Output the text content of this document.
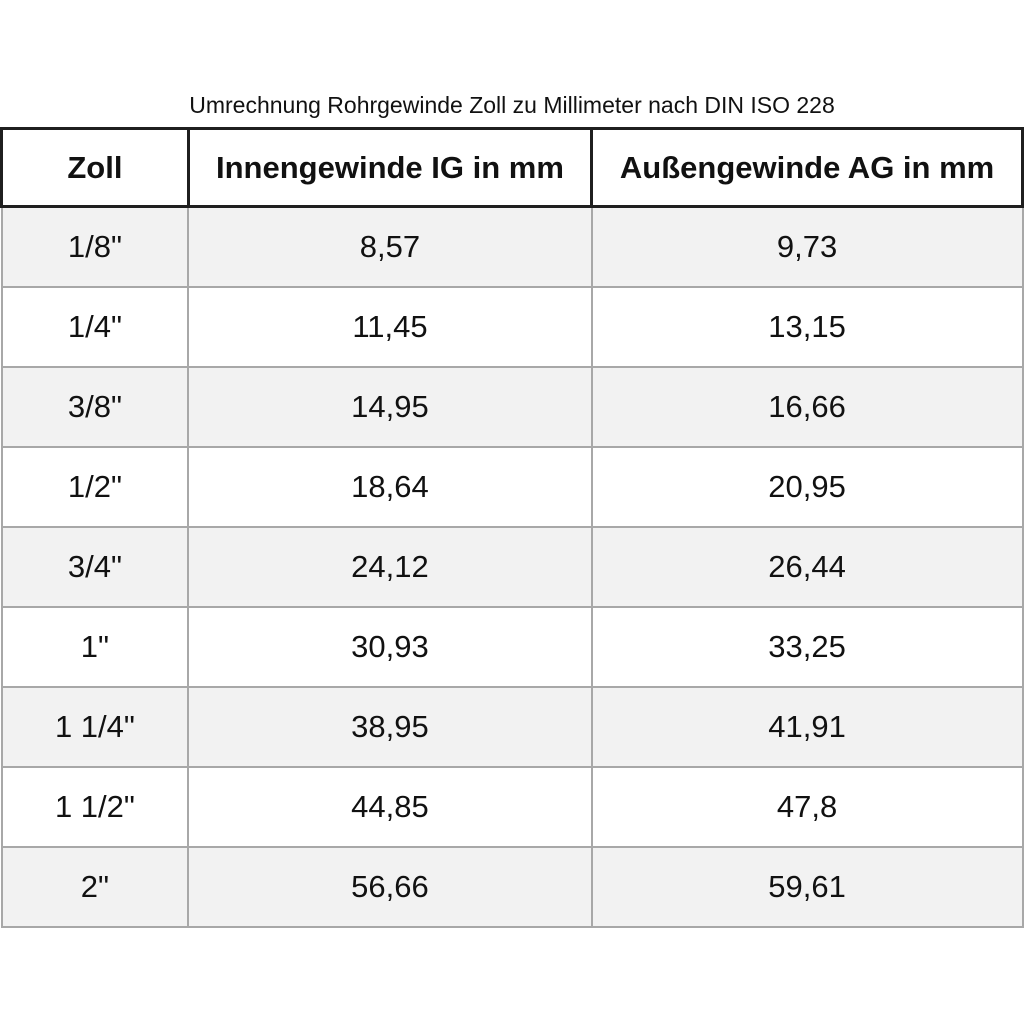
Umrechnung Rohrgewinde Zoll zu Millimeter nach DIN ISO 228
Zoll	Innengewinde IG in mm	Außengewinde AG in mm
1/8"	8,57	9,73
1/4"	11,45	13,15
3/8"	14,95	16,66
1/2"	18,64	20,95
3/4"	24,12	26,44
1"	30,93	33,25
1 1/4"	38,95	41,91
1 1/2"	44,85	47,8
2"	56,66	59,61
